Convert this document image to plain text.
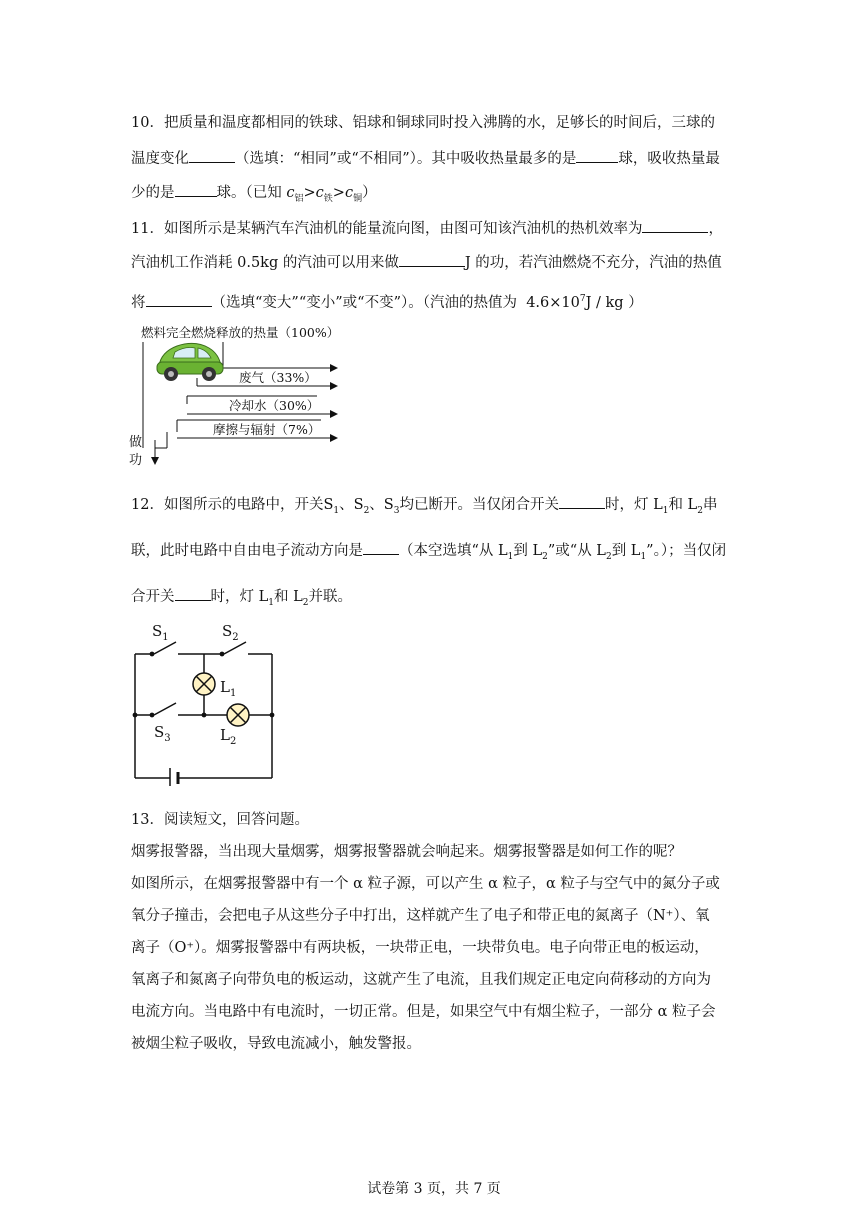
10．把质量和温度都相同的铁球、铝球和铜球同时投入沸腾的水，足够长的时间后，三球的
温度变化	（选填：“相同”或“不相同”）。其中吸收热量最多的是	球，吸收热量最
少的是	球。（已知 $c_铝>c_铁>c_铜$）
11．如图所示是某辆汽车汽油机的能量流向图，由图可知该汽油机的热机效率为	，
汽油机工作消耗 0.5kg 的汽油可以用来做	J 的功，若汽油燃烧不充分，汽油的热值
将	（选填“变大”“变小”或“不变”）。（汽油的热值为 $4.6\times 10^7J$ / kg ）
燃料完全燃烧释放的热量（100%）
废气（33%）
冷却水（30%）
摩擦与辐射（7%）
做
功
12．如图所示的电路中，开关$S_1$、$S_2$、$S_3$均已断开。当仅闭合开关	时，灯 $L_1$和 $L_2$串
联，此时电路中自由电子流动方向是 （本空选填“从 $L_1$到 $L_2$”或“从 $L_2$到 $L_1$”。）；当仅闭
合开关 时，灯 $L_1$和 $L_2$并联。
$S_1$	$S_2$
$S_3$
$L_1$
$L_2$
13．阅读短文，回答问题。
烟雾报警器，当出现大量烟雾，烟雾报警器就会响起来。烟雾报警器是如何工作的呢？
如图所示，在烟雾报警器中有一个 α 粒子源，可以产生 α 粒子，α 粒子与空气中的氮分子或
氧分子撞击，会把电子从这些分子中打出，这样就产生了电子和带正电的氮离子（N⁺）、氧
离子（O⁺）。烟雾报警器中有两块板，一块带正电，一块带负电。电子向带正电的板运动，
氧离子和氮离子向带负电的板运动，这就产生了电流，且我们规定正电定向荷移动的方向为
电流方向。当电路中有电流时，一切正常。但是，如果空气中有烟尘粒子，一部分 α 粒子会
被烟尘粒子吸收，导致电流减小，触发警报。
试卷第 3 页，共 7 页
